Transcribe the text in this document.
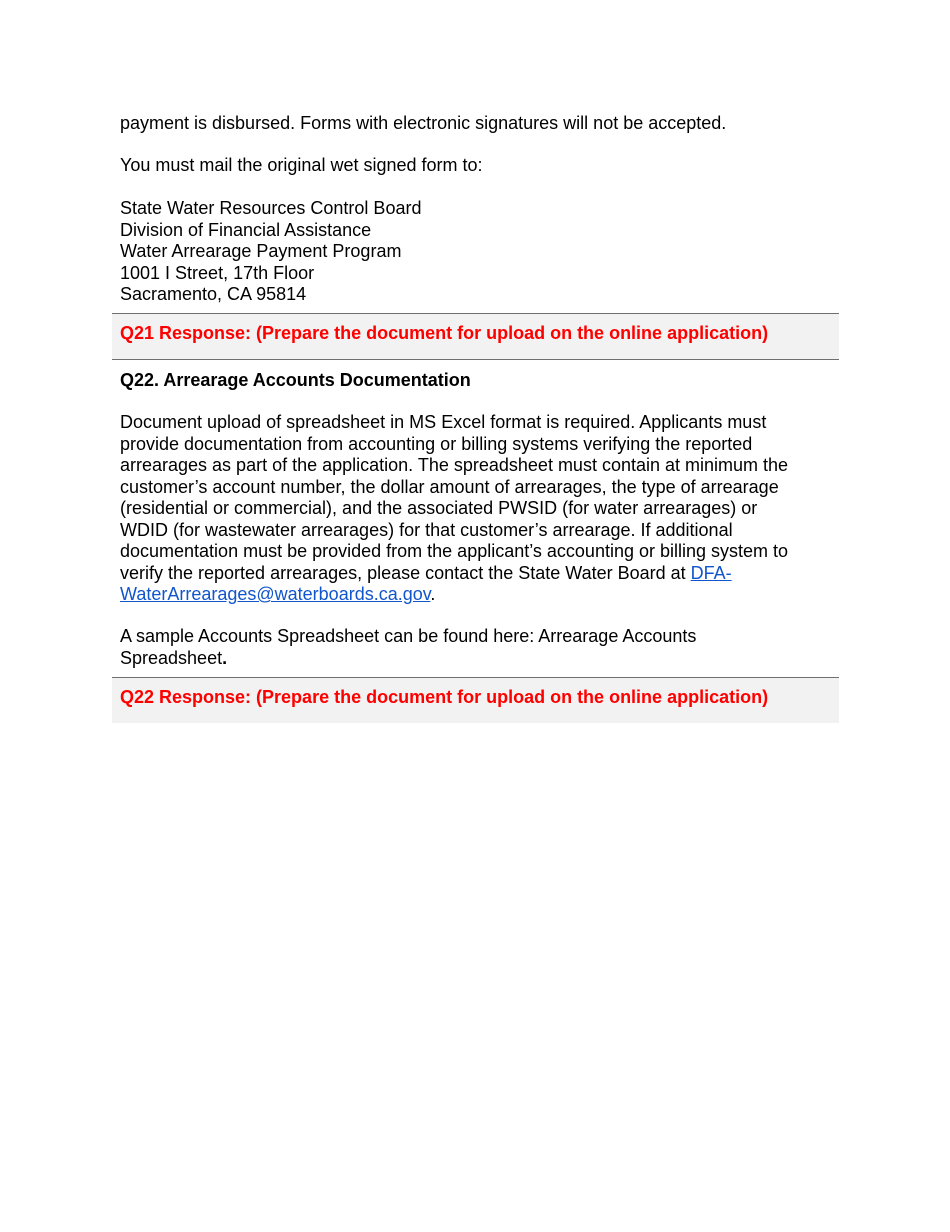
payment is disbursed. Forms with electronic signatures will not be accepted.

You must mail the original wet signed form to:

State Water Resources Control Board
Division of Financial Assistance
Water Arrearage Payment Program
1001 I Street, 17th Floor
Sacramento, CA 95814
Q21 Response: (Prepare the document for upload on the online application)
Q22. Arrearage Accounts Documentation
Document upload of spreadsheet in MS Excel format is required. Applicants must
provide documentation from accounting or billing systems verifying the reported
arrearages as part of the application. The spreadsheet must contain at minimum the
customer’s account number, the dollar amount of arrearages, the type of arrearage
(residential or commercial), and the associated PWSID (for water arrearages) or
WDID (for wastewater arrearages) for that customer’s arrearage. If additional
documentation must be provided from the applicant’s accounting or billing system to
verify the reported arrearages, please contact the State Water Board at DFA-
WaterArrearages@waterboards.ca.gov.
A sample Accounts Spreadsheet can be found here: Arrearage Accounts
Spreadsheet.
Q22 Response: (Prepare the document for upload on the online application)
